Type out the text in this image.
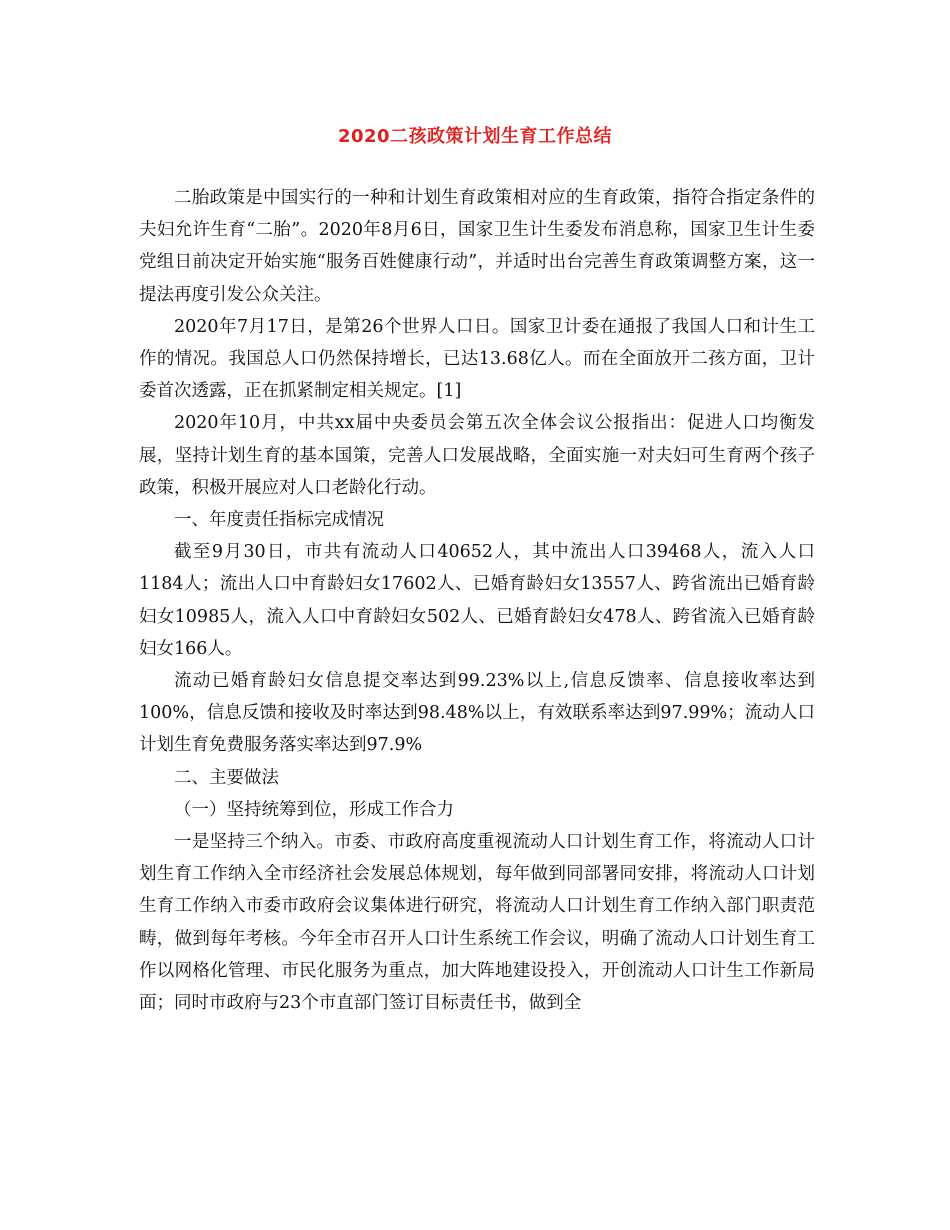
2020二孩政策计划生育工作总结

二胎政策是中国实行的一种和计划生育政策相对应的生育政策，指符合指定条件的夫妇允许生育“二胎”。2020年8月6日，国家卫生计生委发布消息称，国家卫生计生委党组日前决定开始实施“服务百姓健康行动”，并适时出台完善生育政策调整方案，这一提法再度引发公众关注。

2020年7月17日，是第26个世界人口日。国家卫计委在通报了我国人口和计生工作的情况。我国总人口仍然保持增长，已达13.68亿人。而在全面放开二孩方面，卫计委首次透露，正在抓紧制定相关规定。[1]

2020年10月，中共xx届中央委员会第五次全体会议公报指出：促进人口均衡发展，坚持计划生育的基本国策，完善人口发展战略，全面实施一对夫妇可生育两个孩子政策，积极开展应对人口老龄化行动。

一、年度责任指标完成情况

截至9月30日，市共有流动人口40652人，其中流出人口39468人，流入人口1184人；流出人口中育龄妇女17602人、已婚育龄妇女13557人、跨省流出已婚育龄妇女10985人，流入人口中育龄妇女502人、已婚育龄妇女478人、跨省流入已婚育龄妇女166人。

流动已婚育龄妇女信息提交率达到99.23%以上,信息反馈率、信息接收率达到100%，信息反馈和接收及时率达到98.48%以上，有效联系率达到97.99%；流动人口计划生育免费服务落实率达到97.9%

二、主要做法

（一）坚持统筹到位，形成工作合力

一是坚持三个纳入。市委、市政府高度重视流动人口计划生育工作，将流动人口计划生育工作纳入全市经济社会发展总体规划，每年做到同部署同安排，将流动人口计划生育工作纳入市委市政府会议集体进行研究，将流动人口计划生育工作纳入部门职责范畴，做到每年考核。今年全市召开人口计生系统工作会议，明确了流动人口计划生育工作以网格化管理、市民化服务为重点，加大阵地建设投入，开创流动人口计生工作新局面；同时市政府与23个市直部门签订目标责任书，做到全
